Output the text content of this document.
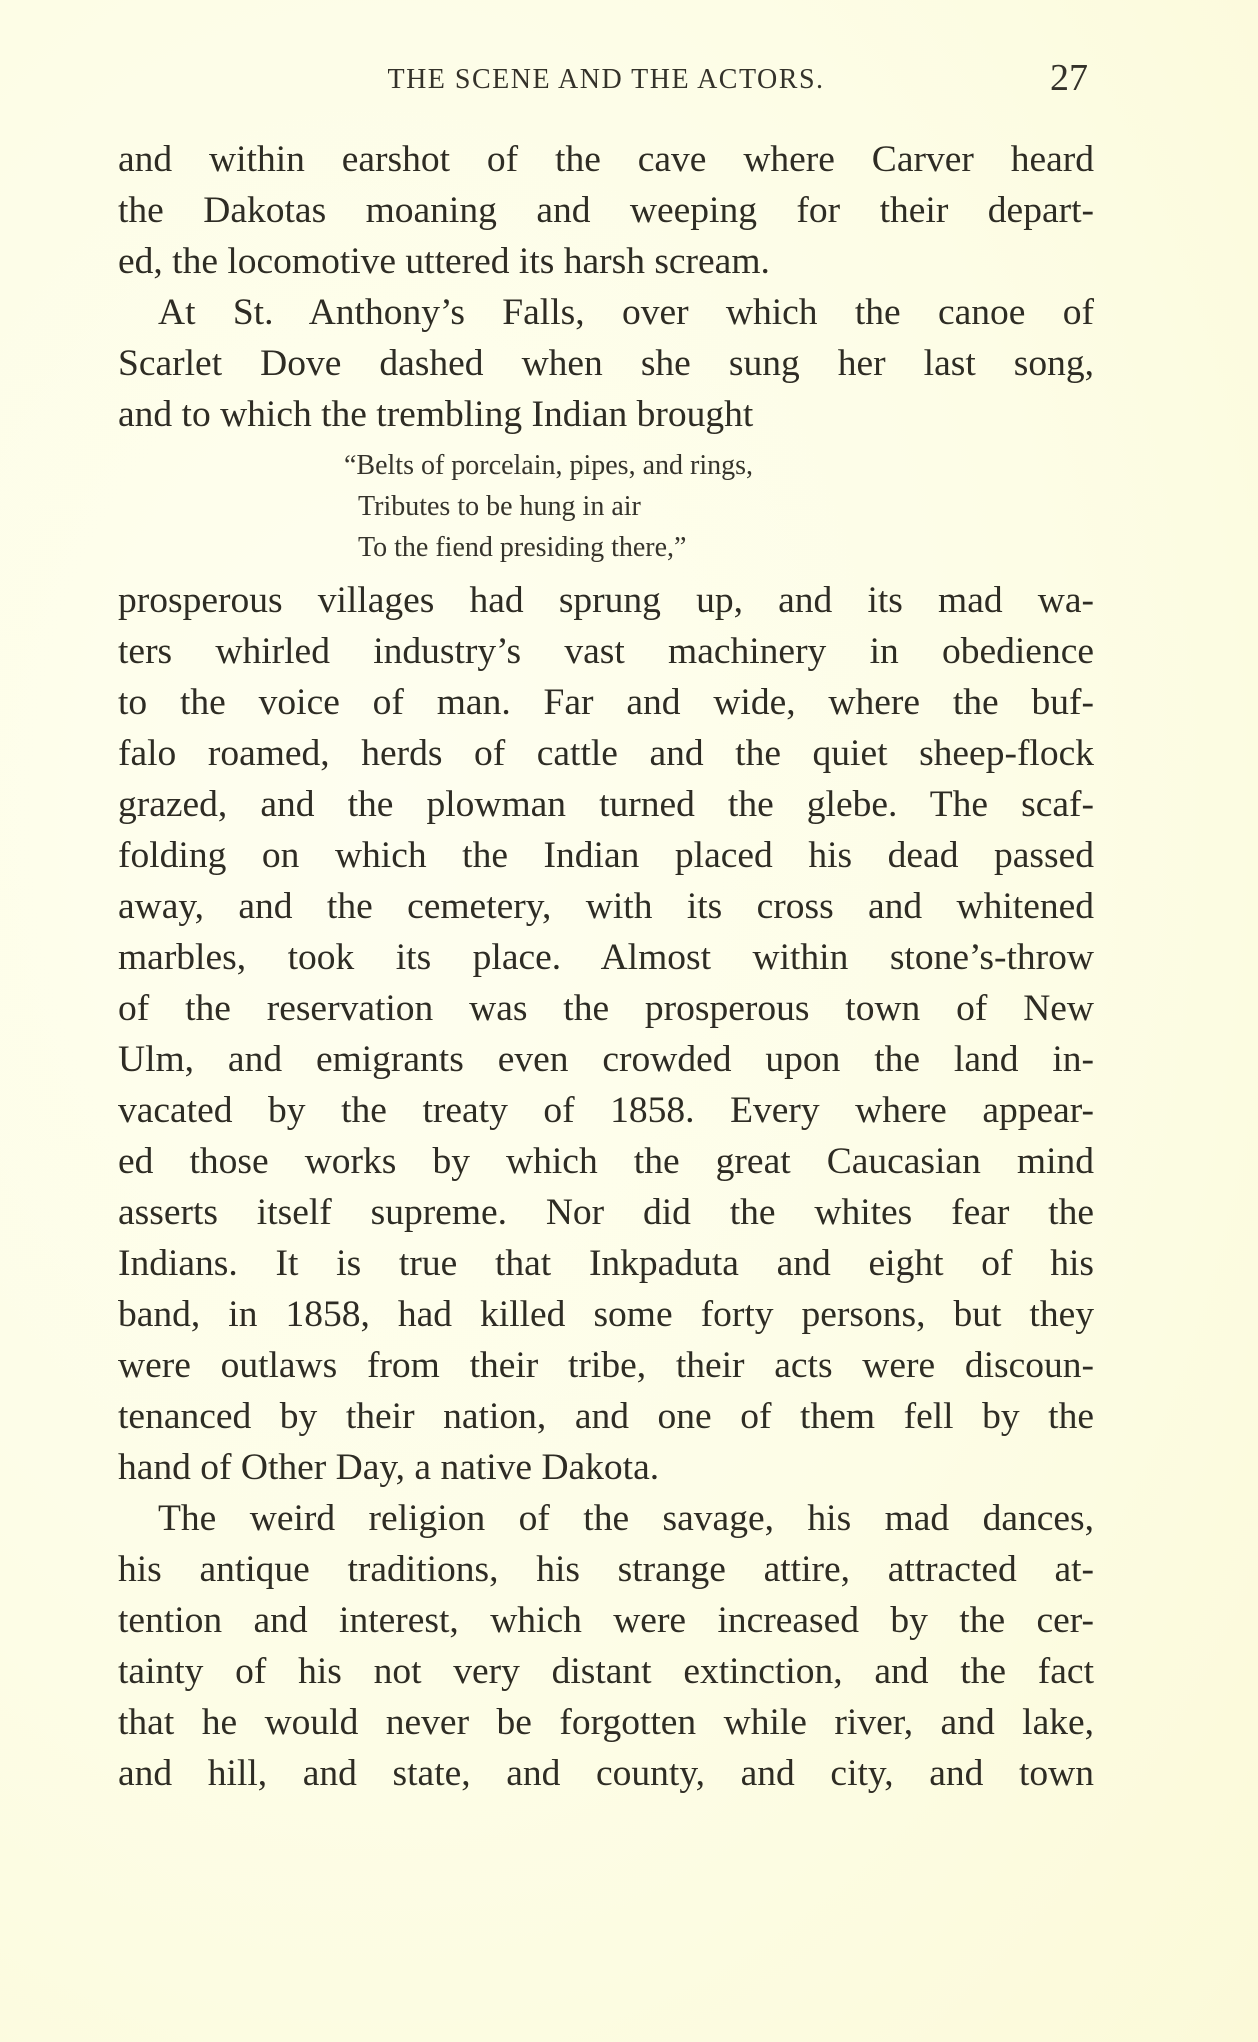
THE SCENE AND THE ACTORS.	27
and within earshot of the cave where Carver heard
the Dakotas moaning and weeping for their depart-
ed, the locomotive uttered its harsh scream.
At St. Anthony’s Falls, over which the canoe of
Scarlet Dove dashed when she sung her last song,
and to which the trembling Indian brought
“Belts of porcelain, pipes, and rings,
Tributes to be hung in air
To the fiend presiding there,”
prosperous villages had sprung up, and its mad wa-
ters whirled industry’s vast machinery in obedience
to the voice of man. Far and wide, where the buf-
falo roamed, herds of cattle and the quiet sheep-flock
grazed, and the plowman turned the glebe. The scaf-
folding on which the Indian placed his dead passed
away, and the cemetery, with its cross and whitened
marbles, took its place. Almost within stone’s-throw
of the reservation was the prosperous town of New
Ulm, and emigrants even crowded upon the land in-
vacated by the treaty of 1858. Every where appear-
ed those works by which the great Caucasian mind
asserts itself supreme. Nor did the whites fear the
Indians. It is true that Inkpaduta and eight of his
band, in 1858, had killed some forty persons, but they
were outlaws from their tribe, their acts were discoun-
tenanced by their nation, and one of them fell by the
hand of Other Day, a native Dakota.
The weird religion of the savage, his mad dances,
his antique traditions, his strange attire, attracted at-
tention and interest, which were increased by the cer-
tainty of his not very distant extinction, and the fact
that he would never be forgotten while river, and lake,
and hill, and state, and county, and city, and town
